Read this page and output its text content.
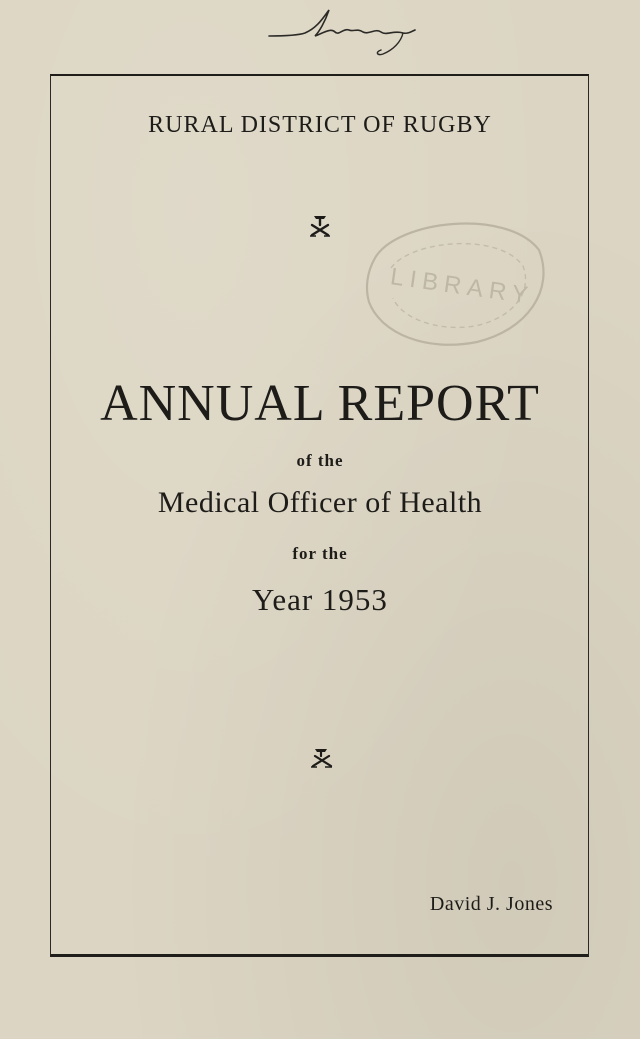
RURAL DISTRICT OF RUGBY
LIBRARY
ANNUAL REPORT
of the
Medical Officer of Health
for the
Year 1953
David J. Jones
